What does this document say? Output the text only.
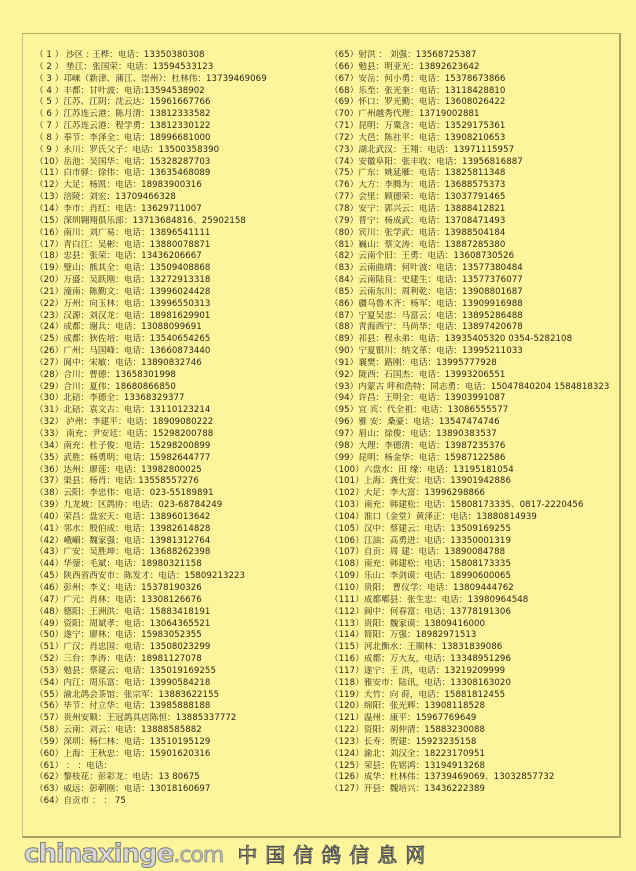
（ 1 ） 沙区 : 王桦：电话：13350380308
（ 2 ） 垫江：张国荣：电话：13594533123
（ 3 ）邛崃（新津、蒲江、崇州）：杜林伟：13739469069
（ 4 ）丰都：甘叶波：电话:13594538902
（ 5 ）江苏、江阴：沈云达：15961667766
（ 6 ）江苏连云港：陈月清：13812333582
（ 7 ）江苏连云港：程学勇：13812330122
（ 8 ）奉节：李泽全：电话：18996681000
（ 9 ）永川：罗氏父子：电话：13500358390
（10）岳池：吴国华：电话：15328287703
（11）白市驿：徐伟：电话：13635468089
（12）大足：杨凯：电话：18983900316
（13）涪陵：刘宏：13709466328
（14）李市：肖红：电话：13629711007
（15）深圳翱翔俱乐部：13713684816、25902158
（16）南川：刘广易：电话：13896541111
（17）青白江：吴彬：电话：13880078871
（18）忠县：张荣：电话：13436206667
（19）璧山：熊其全：电话：13509408868
（20）万盛：吴跃刚：电话：13272913318
（21）潼南：陈勤文：电话：13996024428
（22）万州：向玉林：电话：13996550313
（23）汉源：刘汉龙：电话：18981629901
（24）成都：谢兵：电话：13088099691
（25）成都：狄佐培：电话：13540654265
（26）广州：马国峰：电话：13660873440
（27）阆中：宋敏：电话：13890832746
（28）合川：曹德：13658301998
（29）合川：夏伟：18680866850
（30）北碚：李德全：13368329377
（31）北碚：袁文古：电话：13110123214
（32） 泸州：李建平：电话：18909080222
（33） 南充：尹安廷：电话：15298200788
（34）南充：杜子俊：电话：15298200899
（35）武胜：杨勇明：电话：15982644777
（36）达州：廖莲：电话：13982800025
（37）渠县：杨肖：电话: 13558557276
（38）云阳：李忠伟：电话：023-55189891
（39）九龙坡：区鸽协：电话：023-68784249
（40）荣昌：盘宏天：电话：13896013642
（41）邻水：殷伯成：电话：13982614828
（42）峨嵋：魏家强：电话：13981312764
（43）广安：吴胜坤：电话：13688262398
（44）华蓥：毛斌：电话：18980321158
（45）陕西省西安市：陈发才：电话：15809213223
（46）彭州：李义：电话：15378190326
（47）广元：肖林：电话：13308126676
（48）德阳：王洲洪：电话：15883418191
（49）资阳：周斌孝：电话：13064365521
（50）遂宁：廖林：电话：15983052355
（51）广汉：肖忠国：电话：13508023299
（52）三台：李涛：电话：18981127078
（53）勉县：蔡建云：电话：135019169255
（54）内江：周乐富：电话：13990584218
（55）渝北鸽会茶馆：张宗军：13883622155
（56）毕节：付立华：电话：13985888188
（57）贵州安顺：王冠鸽具店陈恒：13885337772
（58）云南：刘云：电话：13888585882
（59）深圳：杨仁林：电话：13510195129
（60）上海：王秋忠：电话：15901620316
（61） ： ：电话：
（62）黎枝花：彭彩龙：电话：13 80675
（63）威远：彭朝刚：电话：13018160697
（64）自贡市 ： ： 75
（65）射洪 ： 刘强：13568725387
（66）勉县：明亚光：13892623642
（67）安岳：何小勇：电话：15378673866
（68）乐至：张光奎：电话：13118428810
（69）怀口：罗光勤：电话：13608026422
（70）广州越秀代理：13719002881
（71）昆明：万粟含：电话：13529175361
（72）大邑：陈社平：电话：13908210653
（73）湖北武汉：王翔：电话：13971115957
（74）安徽阜阳：张丰收：电话：13956816887
（75）广东：姚延雁：电话：13825811348
（76）大方：李腾为：电话：13688575373
（77）会里：顾德荣：电话：13037791465
（78）安宁：郭兴云：电话：13888412821
（79）晋宁：杨成武：电话：13708471493
（80）宾川：张学武：电话：13988504184
（81）巍山：蔡文涛：电话：13887285380
（82）云南个旧：王勇：电话：13608730526
（83）云南曲靖：何叶波：电话：13577380484
（84）云南陆良：史建生：电话：13577376077
（85）云南东川：周利乾：电话：13908801687
（86）疆乌鲁木齐：杨军：电话：13909916988
（87）宁夏吴忠：马富云：电话：13895286488
（88）青海西宁：马尚华：电话：13897420678
（89）祁县：程永弟：电话：13935405320 0354-5282108
（90）宁夏银川：纳文革：电话：13995211033
（91）襄樊：路刚：电话：13995777928
（92）陇西：石国杰：电话：13993206551
（93）内蒙古 呼和浩特：同志勇：电话：15047840204 1584818323
（94）许昌：王明全：电话：13903991087
（95）宜 宾：代全祖：电话：13086555577
（96）雅 安：桑豪：电话：13547474746
（97）眉山：徐俊：电话：13890383537
（98）大理：李德清：电话：13987235376
（99）昆明：杨金华：电话：15987122586
（100）六盘水：田 缘：电话：13195181054
（101）上海：龚仕安：电话：13901942886
（102）大足：李大富：13996298866
（103）南充：韩建松：电话：15808173335、0817-2220456
（104）淮口（金堂）黄泽正：电话：13880814939
（105）汉中：蔡建云：电话：13509169255
（106）江油：高勇进：电话：13350001319
（107）自贡：周 建：电话：13890084788
（108）南充：韩建松：电话：15808173335
（109）乐山：李剑谟：电话：18990600065
（110）贵阳： 曹仪学：电话：13809444762
（111）成都郫县：张生忠：电话：13980964548
（112）阆中：何春富：电话：13778191306
（113）贵阳：魏家谟：13809416000
（114）简阳：万强：18982971513
（115）河北衡水：王顺林：13831839086
（116）成都：万大友，电话：13348951296
（117）遂宁：王 洪，电话：13219209999
（118）雅安市：陆讯，电话：13308163020
（119）大竹：向 莳，电话：15881812455
（120）绵阳：张光辉：13908118528
（121）温州：康平：15967769649
（122）资阳：胡仲清：15883230088
（123）长寿：贺建：15923235158
（124）渝北：刘汉全：18223170951
（125）荣县：佐铭鸿：13194913268
（126）成华：杜林伟：13739469069、13032857732
（127）开县：魏培兴：13436222389
chinaxinge.com 中国信鸽信息网
